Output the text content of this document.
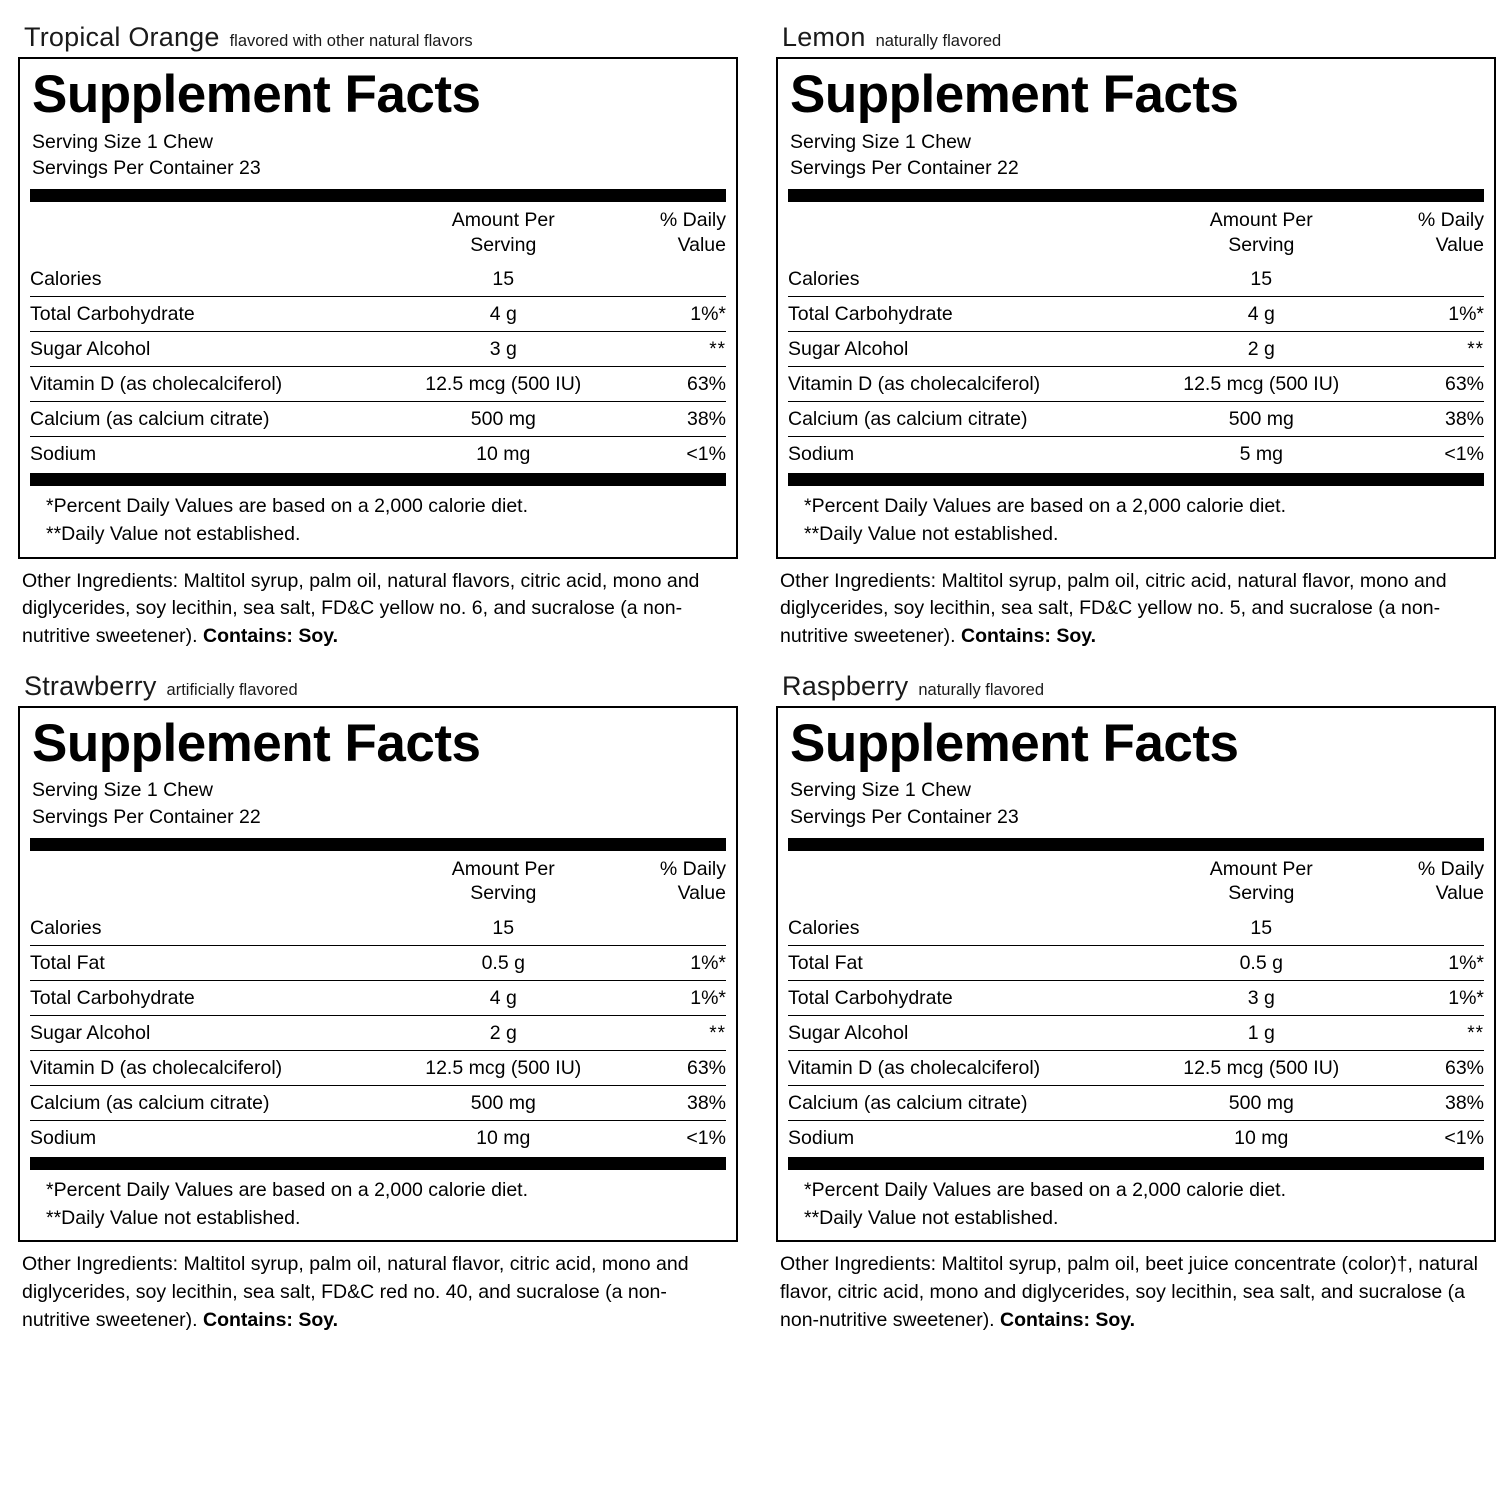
Tropical Orange flavored with other natural flavors
Supplement Facts
Serving Size 1 Chew
Servings Per Container 23

Amount Per
Serving

% Daily
Value

Calories	15	
Total Carbohydrate	4 g	1%*
Sugar Alcohol	3 g	**
Vitamin D (as cholecalciferol)	12.5 mcg (500 IU)	63%
Calcium (as calcium citrate)	500 mg	38%
Sodium	10 mg	<1%
*Percent Daily Values are based on a 2,000 calorie diet.
**Daily Value not established.
Other Ingredients: Maltitol syrup, palm oil, natural flavors, citric acid, mono and diglycerides, soy lecithin, sea salt, FD&C yellow no. 6, and sucralose (a non-nutritive sweetener). Contains: Soy.
Lemon naturally flavored
Supplement Facts
Serving Size 1 Chew
Servings Per Container 22

Amount Per
Serving

% Daily
Value

Calories	15	
Total Carbohydrate	4 g	1%*
Sugar Alcohol	2 g	**
Vitamin D (as cholecalciferol)	12.5 mcg (500 IU)	63%
Calcium (as calcium citrate)	500 mg	38%
Sodium	5 mg	<1%
*Percent Daily Values are based on a 2,000 calorie diet.
**Daily Value not established.
Other Ingredients: Maltitol syrup, palm oil, citric acid, natural flavor, mono and diglycerides, soy lecithin, sea salt, FD&C yellow no. 5, and sucralose (a non-nutritive sweetener). Contains: Soy.
Strawberry artificially flavored
Supplement Facts
Serving Size 1 Chew
Servings Per Container 22

Amount Per
Serving

% Daily
Value

Calories	15	
Total Fat	0.5 g	1%*
Total Carbohydrate	4 g	1%*
Sugar Alcohol	2 g	**
Vitamin D (as cholecalciferol)	12.5 mcg (500 IU)	63%
Calcium (as calcium citrate)	500 mg	38%
Sodium	10 mg	<1%
*Percent Daily Values are based on a 2,000 calorie diet.
**Daily Value not established.
Other Ingredients: Maltitol syrup, palm oil, natural flavor, citric acid, mono and diglycerides, soy lecithin, sea salt, FD&C red no. 40, and sucralose (a non-nutritive sweetener). Contains: Soy.
Raspberry naturally flavored
Supplement Facts
Serving Size 1 Chew
Servings Per Container 23

Amount Per
Serving

% Daily
Value

Calories	15	
Total Fat	0.5 g	1%*
Total Carbohydrate	3 g	1%*
Sugar Alcohol	1 g	**
Vitamin D (as cholecalciferol)	12.5 mcg (500 IU)	63%
Calcium (as calcium citrate)	500 mg	38%
Sodium	10 mg	<1%
*Percent Daily Values are based on a 2,000 calorie diet.
**Daily Value not established.
Other Ingredients: Maltitol syrup, palm oil, beet juice concentrate (color)†, natural flavor, citric acid, mono and diglycerides, soy lecithin, sea salt, and sucralose (a non-nutritive sweetener). Contains: Soy.
